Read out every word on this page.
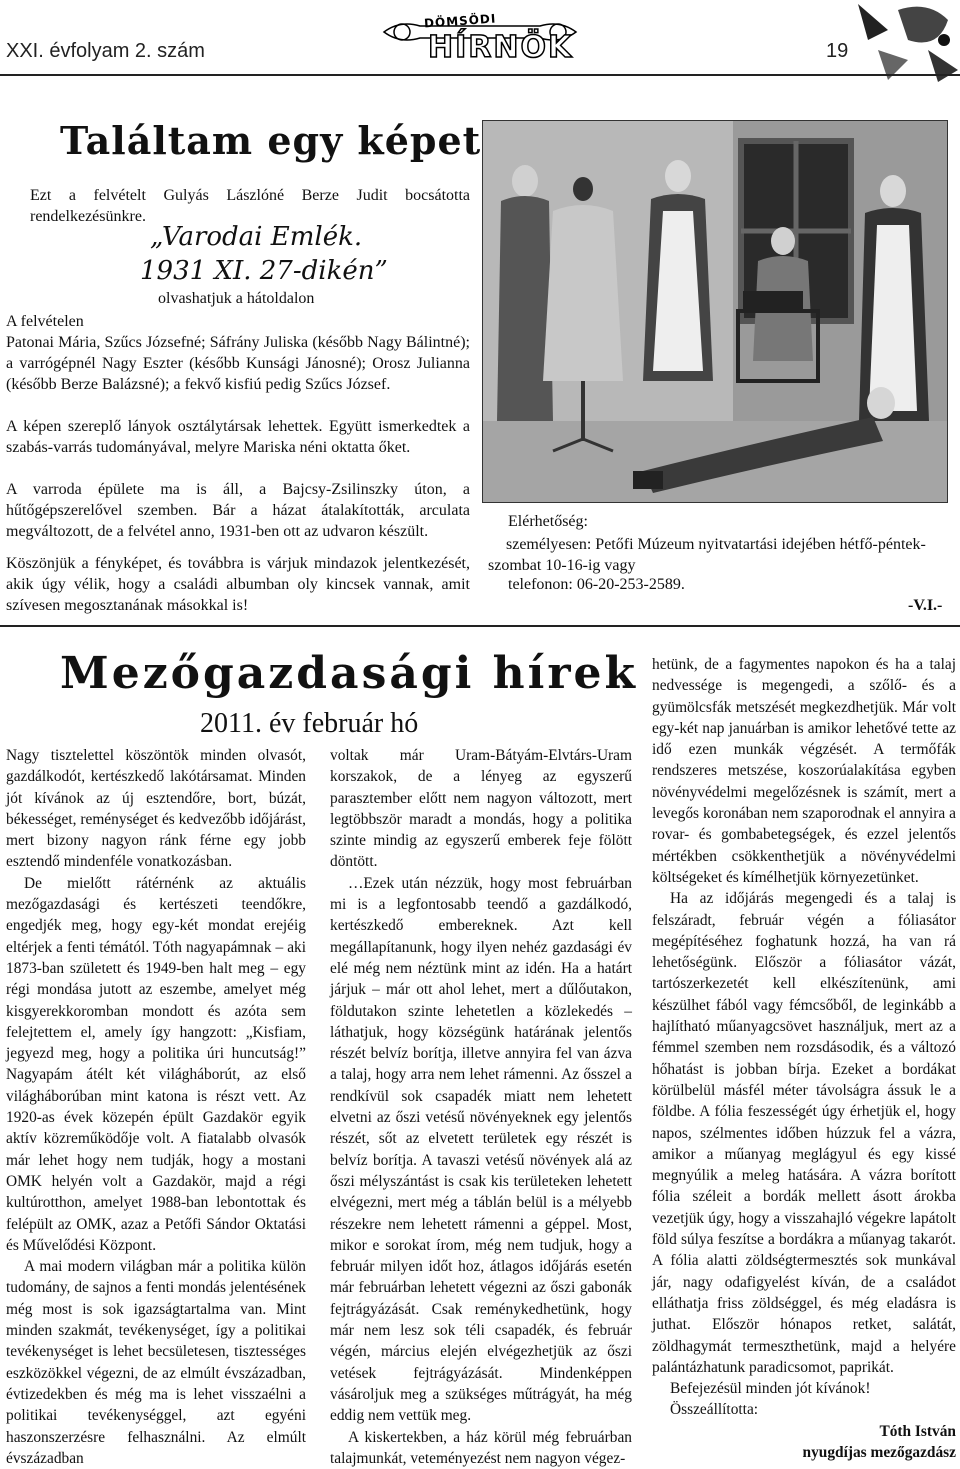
XXI. évfolyam 2. szám
DÖMSÖDI
HÍRNÖK	19
Találtam egy képet
Ezt a felvételt Gulyás Lászlóné Berze Judit bocsátotta rendelkezésünkre.
„Varodai Emlék.
1931 XI. 27-dikén”
olvashatjuk a hátoldalon
A felvételen
Patonai Mária, Szűcs Józsefné; Sáfrány Juliska (később Nagy Bálintné); a varrógépnél Nagy Eszter (később Kunsági Jánosné); Orosz Julianna (később Berze Balázsné); a fekvő kisfiú pedig Szűcs József.
A képen szereplő lányok osztálytársak lehettek. Együtt ismerkedtek a szabás-varrás tudományával, melyre Mariska néni oktatta őket.
A varroda épülete ma is áll, a Bajcsy-Zsilinszky úton, a hűtőgépszerelővel szemben. Bár a házat átalakították, arculata megváltozott, de a felvétel anno, 1931-ben ott az udvaron készült.
Köszönjük a fényképet, és továbbra is várjuk mindazok jelentkezését, akik úgy vélik, hogy a családi albumban oly kincsek vannak, amit szívesen megosztanának másokkal is!
Elérhetőség:
személyesen: Petőfi Múzeum nyitvatartási idejében hétfő-péntek-szombat 10-16-ig vagy
telefonon: 06-20-253-2589.
-V.I.-
Mezőgazdasági hírek
2011. év február hó

Nagy tisztelettel köszöntök minden olvasót, gazdálkodót, kertészkedő lakótársamat. Minden jót kívánok az új esztendőre, bort, búzát, békességet, reménységet és kedvezőbb időjárást, mert bizony nagyon ránk férne egy jobb esztendő mindenféle vonatkozásban.

De mielőtt rátérnénk az aktuális mezőgazdasági és kertészeti teendőkre, engedjék meg, hogy egy-két mondat erejéig eltérjek a fenti témától. Tóth nagyapámnak – aki 1873-ban született és 1949-ben halt meg – egy régi mondása jutott az eszembe, amelyet még kisgyerekkoromban mondott és azóta sem felejtettem el, amely így hangzott: „Kisfiam, jegyezd meg, hogy a politika úri huncutság!” Nagyapám átélt két világháborút, az első világháborúban mint katona is részt vett. Az 1920-as évek közepén épült Gazdakör egyik aktív közreműködője volt. A fiatalabb olvasók már lehet hogy nem tudják, hogy a mostani OMK helyén volt a Gazdakör, majd a régi kultúrotthon, amelyet 1988-ban lebontottak és felépült az OMK, azaz a Petőfi Sándor Oktatási és Művelődési Központ.

A mai modern világban már a politika külön tudomány, de sajnos a fenti mondás jelentésének még most is sok igazságtartalma van. Mint minden szakmát, tevékenységet, így a politikai tevékenységet is lehet becsületesen, tisztességes eszközökkel végezni, de az elmúlt évszázadban, évtizedekben és még ma is lehet visszaélni a politikai tevékenységgel, azt egyéni haszonszerzésre felhasználni. Az elmúlt évszázadban

voltak már Uram-Bátyám-Elvtárs-Uram korszakok, de a lényeg az egyszerű parasztember előtt nem nagyon változott, mert legtöbbször maradt a mondás, hogy a politika szinte mindig az egyszerű emberek feje fölött döntött.

…Ezek után nézzük, hogy most februárban mi is a legfontosabb teendő a gazdálkodó, kertészkedő embereknek. Azt kell megállapítanunk, hogy ilyen nehéz gazdasági év elé még nem néztünk mint az idén. Ha a határt járjuk – már ott ahol lehet, mert a dűlőutakon, földutakon szinte lehetetlen a közlekedés – láthatjuk, hogy községünk határának jelentős részét belvíz borítja, illetve annyira fel van ázva a talaj, hogy arra nem lehet rámenni. Az ősszel a rendkívül sok csapadék miatt nem lehetett elvetni az őszi vetésű növényeknek egy jelentős részét, sőt az elvetett területek egy részét is belvíz borítja. A tavaszi vetésű növények alá az őszi mélyszántást is csak kis területeken lehetett elvégezni, mert még a táblán belül is a mélyebb részekre nem lehetett rámenni a géppel. Most, mikor e sorokat írom, még nem tudjuk, hogy a február milyen időt hoz, átlagos időjárás esetén már februárban lehetett végezni az őszi gabonák fejtrágyázását. Csak reménykedhetünk, hogy már nem lesz sok téli csapadék, és február végén, március elején elvégezhetjük az őszi vetések fejtrágyázását. Mindenképpen vásároljuk meg a szükséges műtrágyát, ha még eddig nem vettük meg.

A kiskertekben, a ház körül még februárban talajmunkát, veteményezést nem nagyon végez-

hetünk, de a fagymentes napokon és ha a talaj nedvessége is megengedi, a szőlő- és a gyümölcsfák metszését megkezdhetjük. Már volt egy-két nap januárban is amikor lehetővé tette az idő ezen munkák végzését. A termőfák rendszeres metszése, koszorúalakítása egyben növényvédelmi megelőzésnek is számít, mert a levegős koronában nem szaporodnak el annyira a rovar- és gombabetegségek, és ezzel jelentős mértékben csökkenthetjük a növényvédelmi költségeket és kímélhetjük környezetünket.

Ha az időjárás megengedi és a talaj is felszáradt, február végén a fóliasátor megépítéséhez foghatunk hozzá, ha van rá lehetőségünk. Először a fóliasátor vázát, tartószerkezetét kell elkészítenünk, ami készülhet fából vagy fémcsőből, de leginkább a hajlítható műanyagcsövet használjuk, mert az a fémmel szemben nem rozsdásodik, és a változó hőhatást is jobban bírja. Ezeket a bordákat körülbelül másfél méter távolságra ássuk le a földbe. A fólia feszességét úgy érhetjük el, hogy napos, szélmentes időben húzzuk fel a vázra, amikor a műanyag meglágyul és egy kissé megnyúlik a meleg hatására. A vázra borított fólia széleit a bordák mellett ásott árokba vezetjük úgy, hogy a visszahajló végekre lapátolt föld súlya feszítse a bordákra a műanyag takarót. A fólia alatti zöldségtermesztés sok munkával jár, nagy odafigyelést kíván, de a családot elláthatja friss zöldséggel, és még eladásra is juthat. Először hónapos retket, salátát, zöldhagymát termeszthetünk, majd a helyére palántázhatunk paradicsomot, paprikát.

Befejezésül minden jót kívánok!

Összeállította:

Tóth István
nyugdíjas mezőgazdász
